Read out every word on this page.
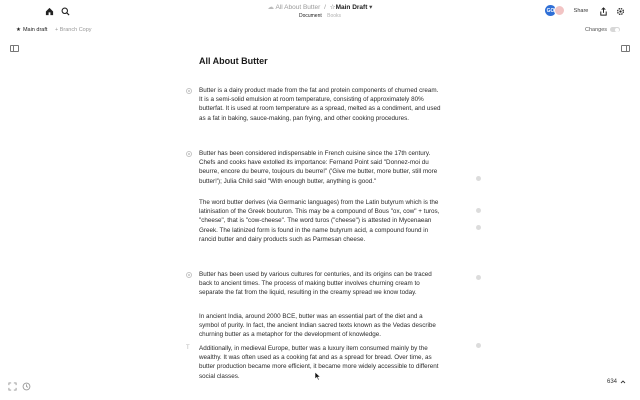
☁ All About Butter / ☆Main Draft ▾
Document Books
GO	Share
★ Main draft + Branch Copy	Changes
All About Butter
Butter is a dairy product made from the fat and protein components of churned cream. It is a semi-solid emulsion at room temperature, consisting of approximately 80% butterfat. It is used at room temperature as a spread, melted as a condiment, and used as a fat in baking, sauce-making, pan frying, and other cooking procedures.
Butter has been considered indispensable in French cuisine since the 17th century. Chefs and cooks have extolled its importance: Fernand Point said "Donnez-moi du beurre, encore du beurre, toujours du beurre!" ('Give me butter, more butter, still more butter!'); Julia Child said "With enough butter, anything is good."
The word butter derives (via Germanic languages) from the Latin butyrum which is the latinisation of the Greek bouturon. This may be a compound of Bous "ox, cow" + turos, "cheese", that is "cow-cheese". The word turos ("cheese") is attested in Mycenaean Greek. The latinized form is found in the name butyrum acid, a compound found in rancid butter and dairy products such as Parmesan cheese.
Butter has been used by various cultures for centuries, and its origins can be traced back to ancient times. The process of making butter involves churning cream to separate the fat from the liquid, resulting in the creamy spread we know today.
In ancient India, around 2000 BCE, butter was an essential part of the diet and a symbol of purity. In fact, the ancient Indian sacred texts known as the Vedas describe churning butter as a metaphor for the development of knowledge.
T Additionally, in medieval Europe, butter was a luxury item consumed mainly by the wealthy. It was often used as a cooking fat and as a spread for bread. Over time, as butter production became more efficient, it became more widely accessible to different social classes.
634
